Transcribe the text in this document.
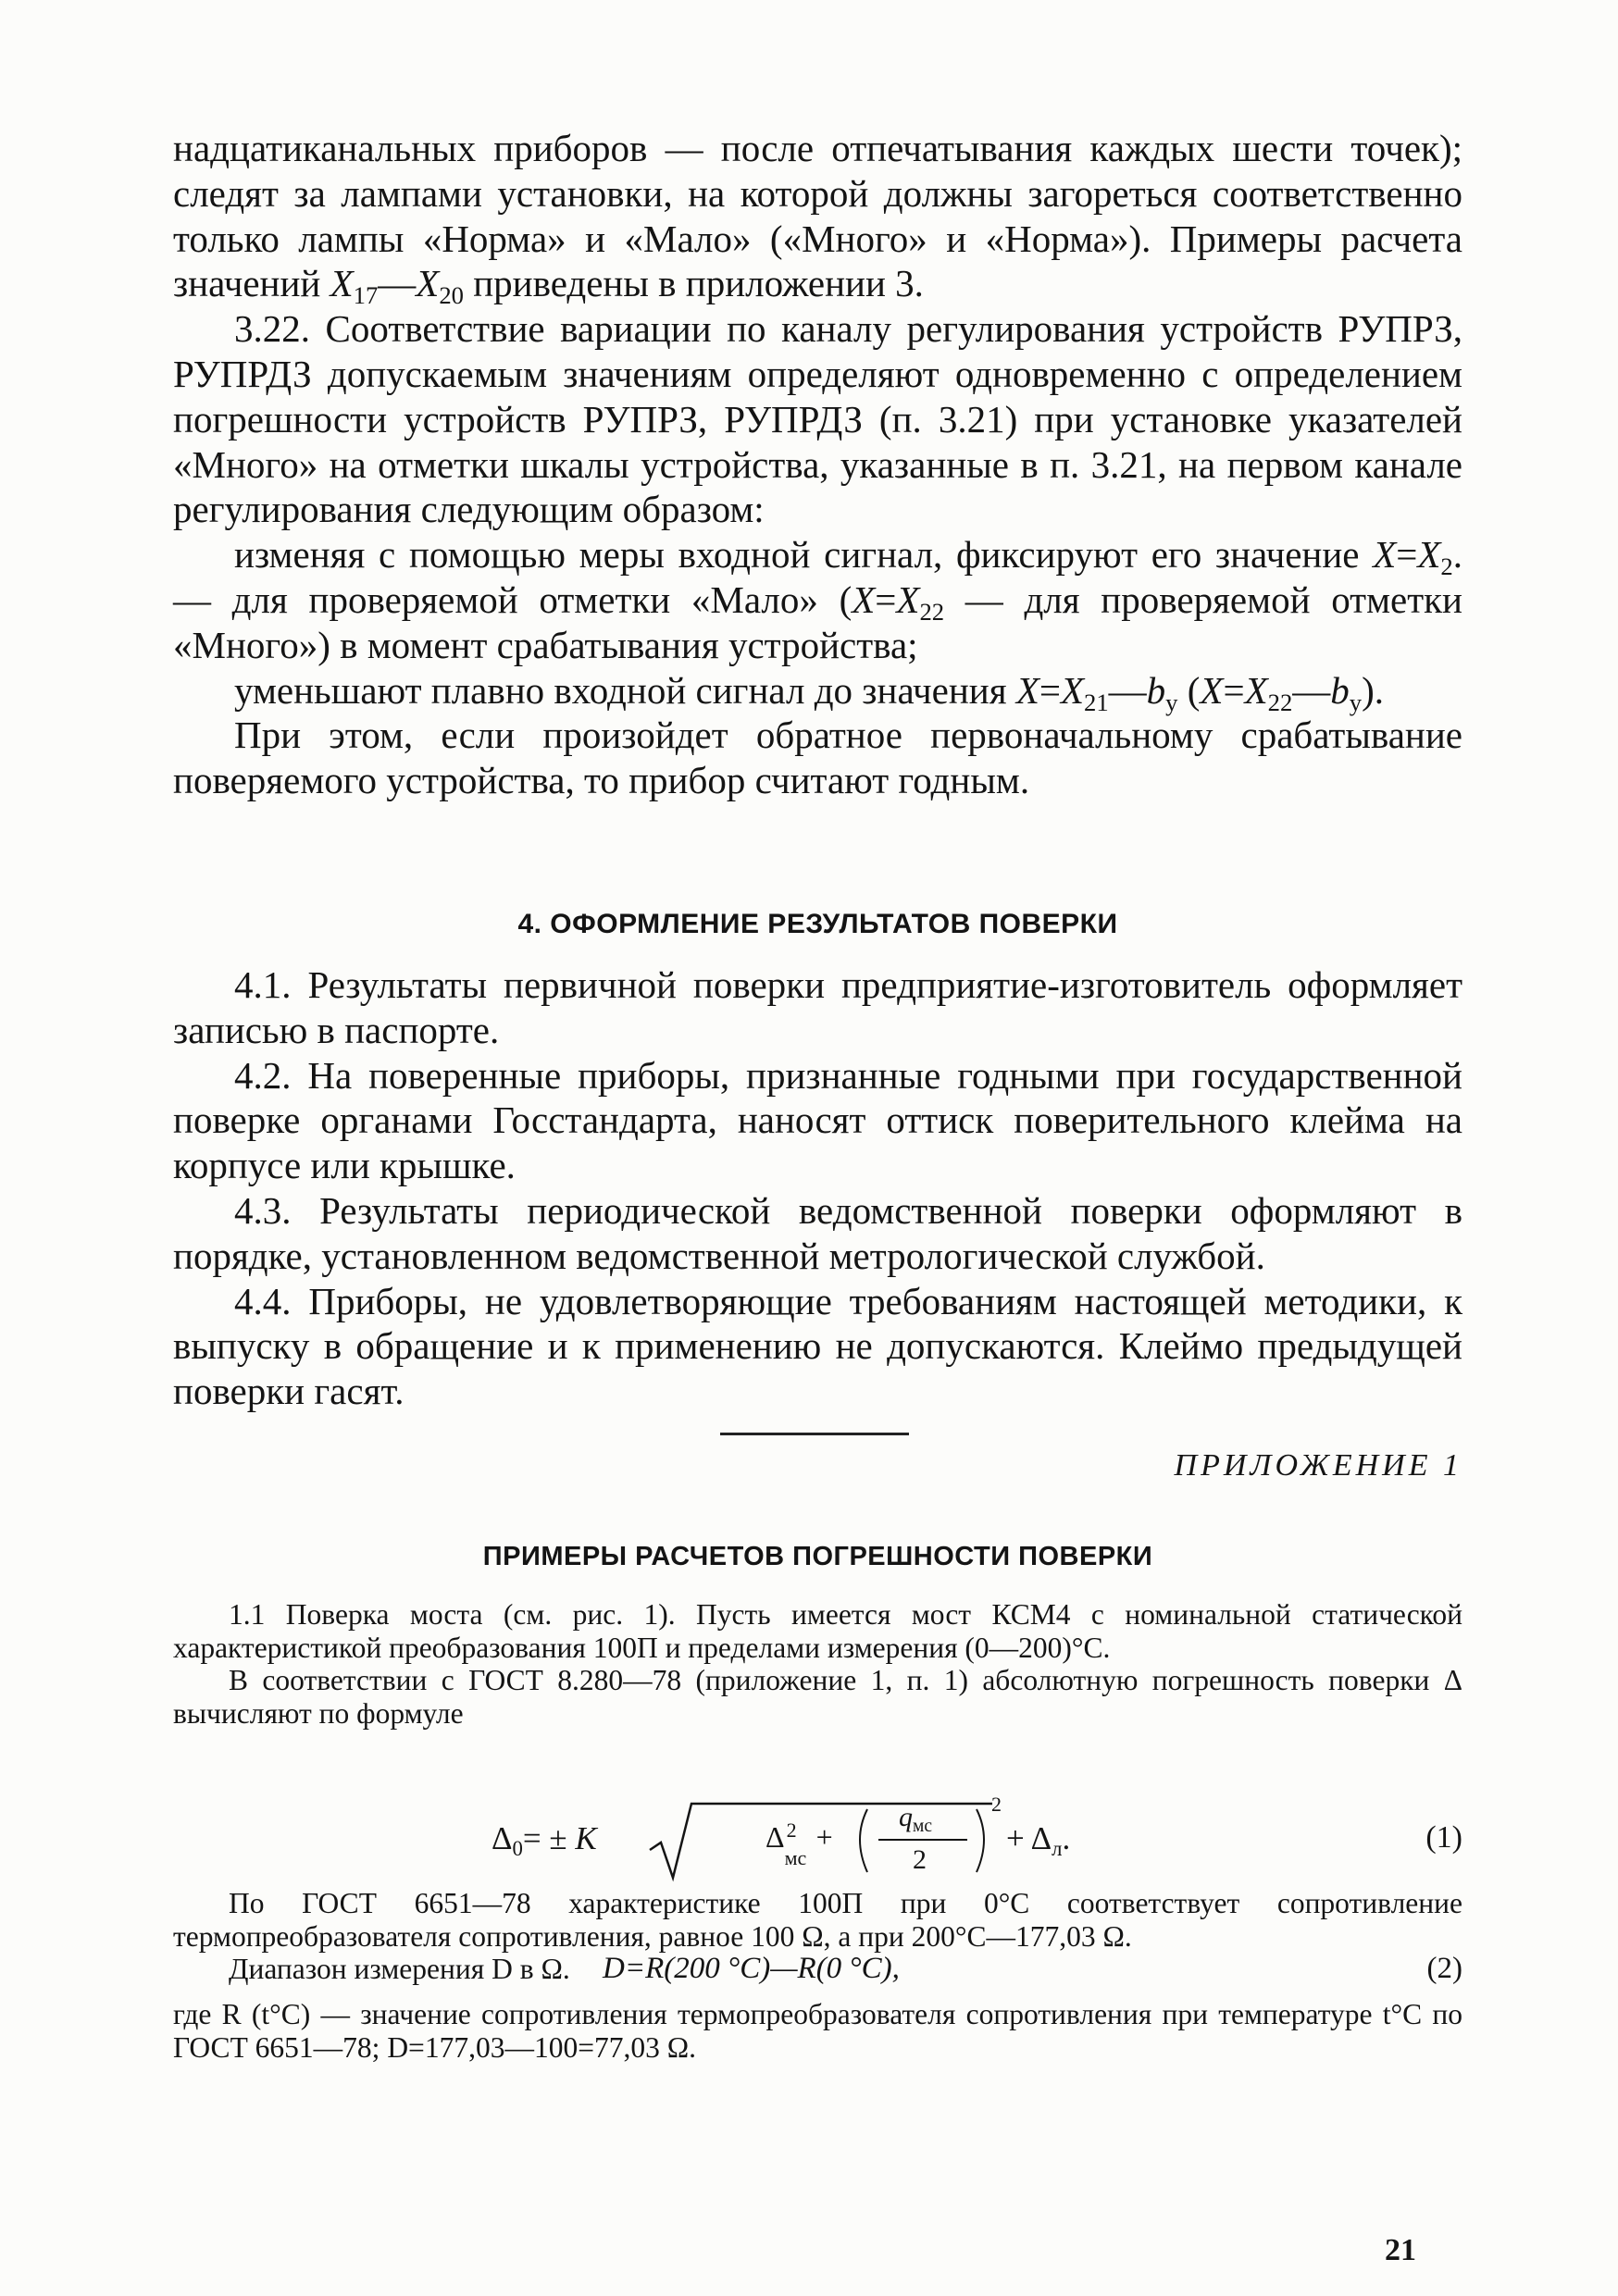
надцатиканальных приборов — после отпечатывания каждых шести точек); следят за лампами установки, на которой должны загореться соответственно только лампы «Норма» и «Мало» («Много» и «Норма»). Примеры расчета значений $X_{17}—X_{20}$ приведены в приложении 3.

3.22. Соответствие вариации по каналу регулирования устройств РУПРЗ, РУПРДЗ допускаемым значениям определяют одновременно с определением погрешности устройств РУПРЗ, РУПРДЗ (п. 3.21) при установке указателей «Много» на отметки шкалы устройства, указанные в п. 3.21, на первом канале регулирования следующим образом:

изменяя с помощью меры входной сигнал, фиксируют его значение $X=X_2$. — для проверяемой отметки «Мало» ($X=X_{22}$ — для проверяемой отметки «Много») в момент срабатывания устройства;

уменьшают плавно входной сигнал до значения $X=X_{21}—b_у$ $(X=X_{22}—b_у)$.

При этом, если произойдет обратное первоначальному срабатывание поверяемого устройства, то прибор считают годным.

4. ОФОРМЛЕНИЕ РЕЗУЛЬТАТОВ ПОВЕРКИ

4.1. Результаты первичной поверки предприятие-изготовитель оформляет записью в паспорте.

4.2. На поверенные приборы, признанные годными при государственной поверке органами Госстандарта, наносят оттиск поверительного клейма на корпусе или крышке.

4.3. Результаты периодической ведомственной поверки оформляют в порядке, установленном ведомственной метрологической службой.

4.4. Приборы, не удовлетворяющие требованиям настоящей методики, к выпуску в обращение и к применению не допускаются. Клеймо предыдущей поверки гасят.

ПРИЛОЖЕНИЕ 1
ПРИМЕРЫ РАСЧЕТОВ ПОГРЕШНОСТИ ПОВЕРКИ

1.1 Поверка моста (см. рис. 1). Пусть имеется мост КСМ4 с номинальной статической характеристикой преобразования 100П и пределами измерения (0—200)°С.

В соответствии с ГОСТ 8.280—78 (приложение 1, п. 1) абсолютную погрешность поверки Δ вычисляют по формуле

$\Delta_0= \pm K$	Δ 2
мс
+
$q_{мс}$
2
2
+ $\Delta_л$.	(1)

По ГОСТ 6651—78 характеристике 100П при 0°С соответствует сопротивление термопреобразователя сопротивления, равное 100 Ω, а при 200°С—177,03 Ω.

Диапазон измерения D в Ω.	D=R(200 °C)—R(0 °C),	(2)

где R (t°C) — значение сопротивления термопреобразователя сопротивления при температуре t°С по ГОСТ 6651—78; D=177,03—100=77,03 Ω.

21
